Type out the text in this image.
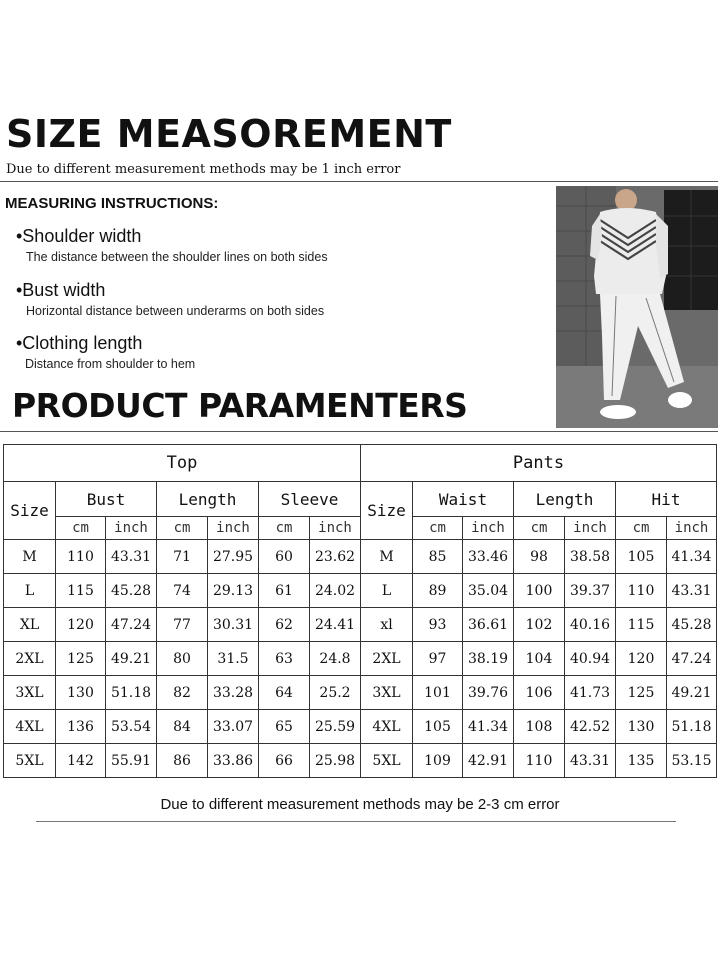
SIZE MEASOREMENT
Due to different measurement methods may be 1 inch error
MEASURING INSTRUCTIONS:
•Shoulder width
The distance between the shoulder lines on both sides
•Bust width
Horizontal distance between underarms on both sides
•Clothing length
Distance from shoulder to hem
PRODUCT PARAMENTERS
Top							Pants						
Size	Bust		Length		Sleeve		Size	Waist		Length		Hit	
	cm	inch	cm	inch	cm	inch		cm	inch	cm	inch	cm	inch
M	110	43.31	71	27.95	60	23.62	M	85	33.46	98	38.58	105	41.34
L	115	45.28	74	29.13	61	24.02	L	89	35.04	100	39.37	110	43.31
XL	120	47.24	77	30.31	62	24.41	xl	93	36.61	102	40.16	115	45.28
2XL	125	49.21	80	31.5	63	24.8	2XL	97	38.19	104	40.94	120	47.24
3XL	130	51.18	82	33.28	64	25.2	3XL	101	39.76	106	41.73	125	49.21
4XL	136	53.54	84	33.07	65	25.59	4XL	105	41.34	108	42.52	130	51.18
5XL	142	55.91	86	33.86	66	25.98	5XL	109	42.91	110	43.31	135	53.15
Due to different measurement methods may be 2-3 cm error
